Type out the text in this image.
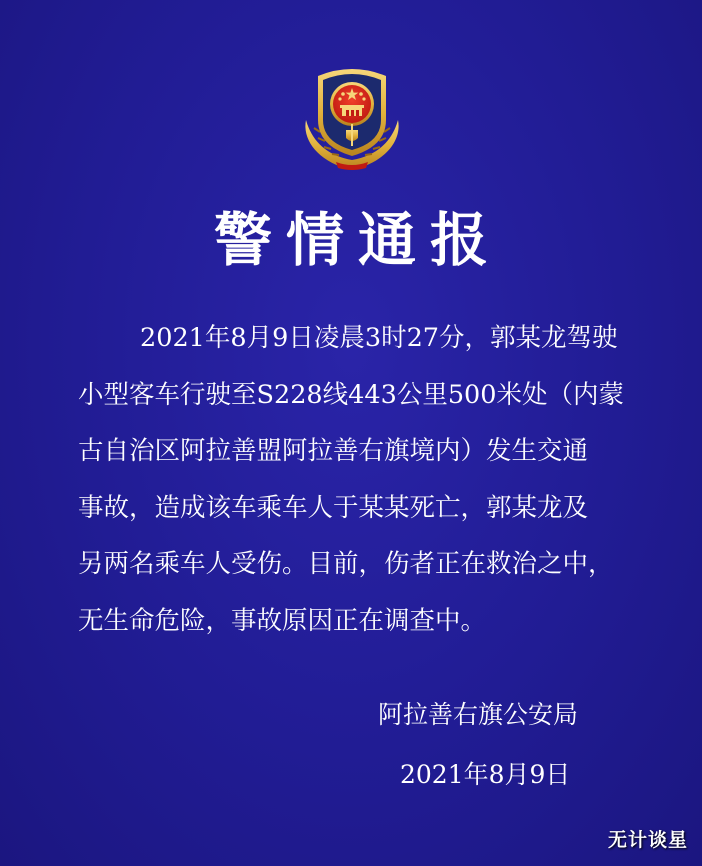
警情通报
2021年8月9日凌晨3时27分，郭某龙驾驶
小型客车行驶至S228线443公里500米处（内蒙
古自治区阿拉善盟阿拉善右旗境内）发生交通
事故，造成该车乘车人于某某死亡，郭某龙及
另两名乘车人受伤。目前，伤者正在救治之中，
无生命危险，事故原因正在调查中。
阿拉善右旗公安局
2021年8月9日
无计谈星
